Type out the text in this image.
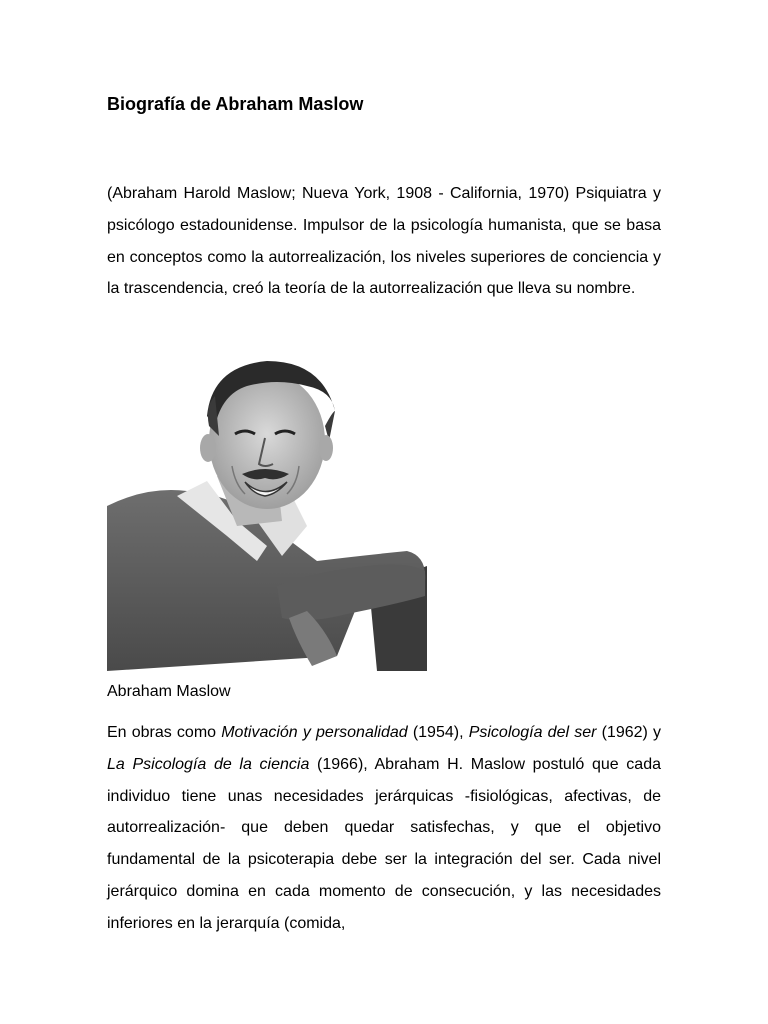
Biografía de Abraham Maslow

(Abraham Harold Maslow; Nueva York, 1908 - California, 1970) Psiquiatra y psicólogo estadounidense. Impulsor de la psicología humanista, que se basa en conceptos como la autorrealización, los niveles superiores de conciencia y la trascendencia, creó la teoría de la autorrealización que lleva su nombre.

Abraham Maslow

En obras como Motivación y personalidad (1954), Psicología del ser (1962) y La Psicología de la ciencia (1966), Abraham H. Maslow postuló que cada individuo tiene unas necesidades jerárquicas -fisiológicas, afectivas, de autorrealización- que deben quedar satisfechas, y que el objetivo fundamental de la psicoterapia debe ser la integración del ser. Cada nivel jerárquico domina en cada momento de consecución, y las necesidades inferiores en la jerarquía (comida,
